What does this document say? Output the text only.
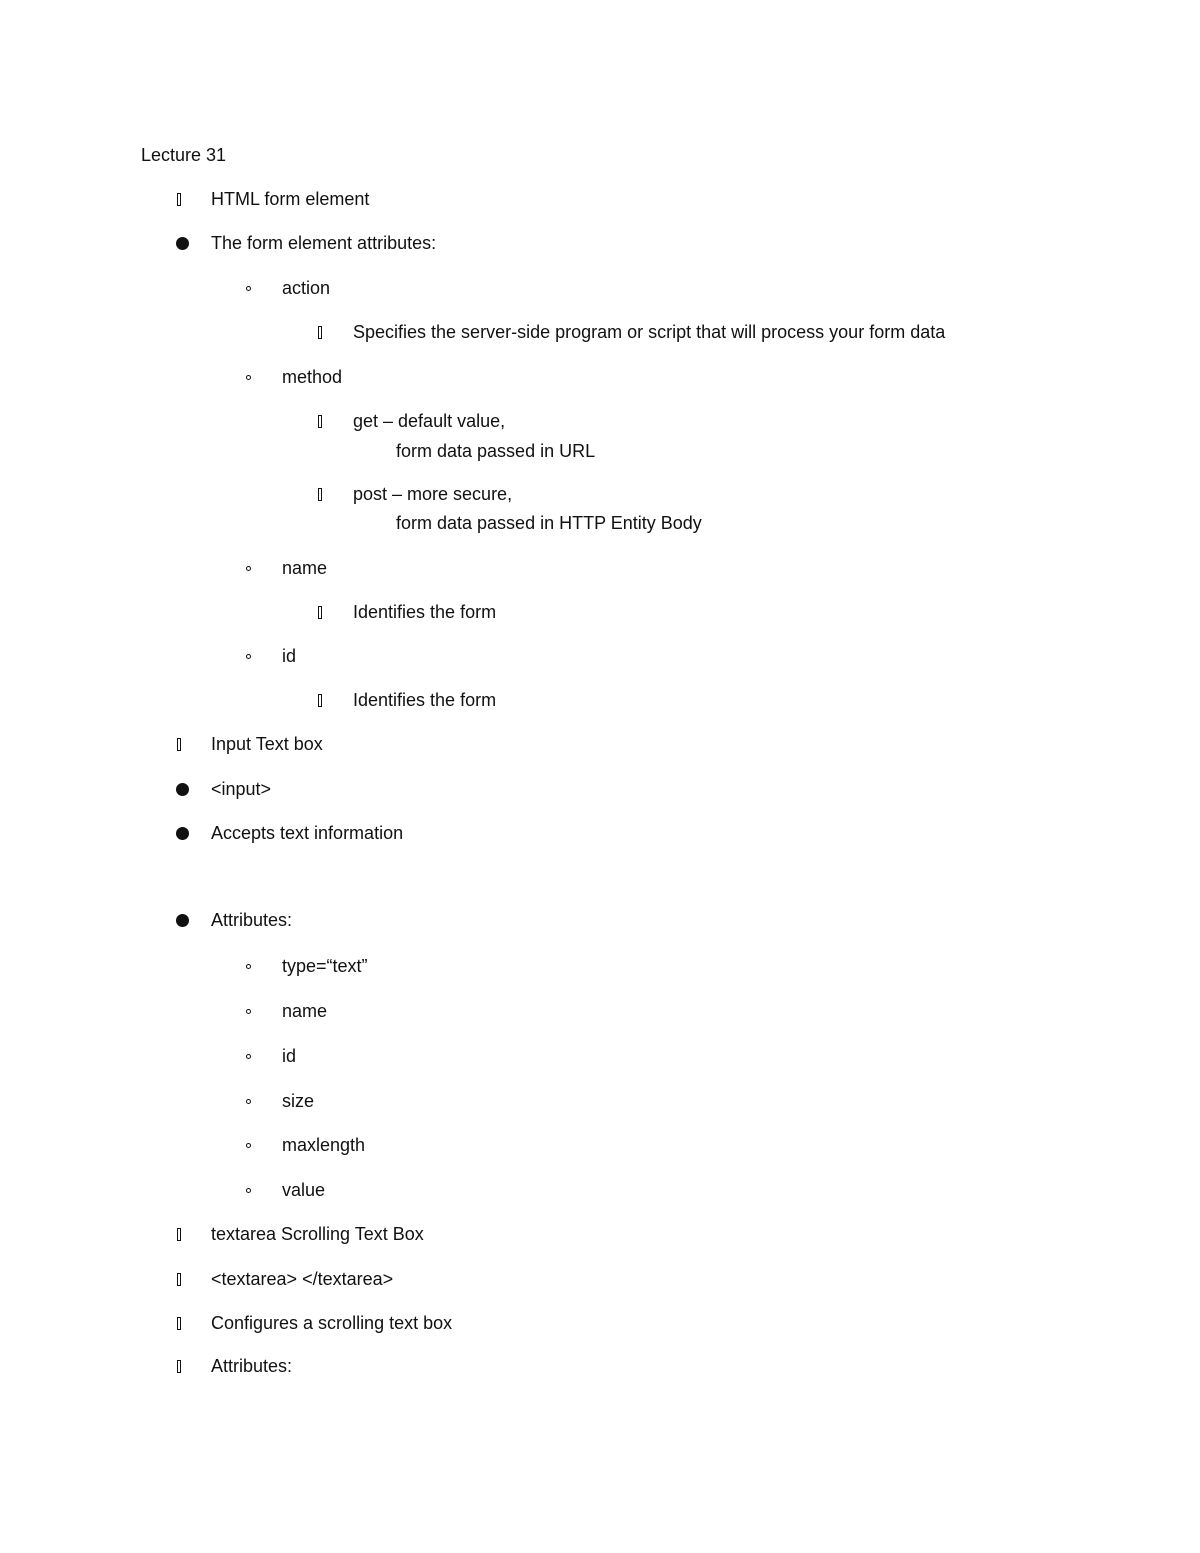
Lecture 31
HTML form element
The form element attributes:
action
Specifies the server-side program or script that will process your form data
method
get – default value,
form data passed in URL
post – more secure,
form data passed in HTTP Entity Body
name
Identifies the form
id
Identifies the form
Input Text box
<input>
Accepts text information
Attributes:
type=“text”
name
id
size
maxlength
value
textarea Scrolling Text Box
<textarea> </textarea>
Configures a scrolling text box
Attributes:
